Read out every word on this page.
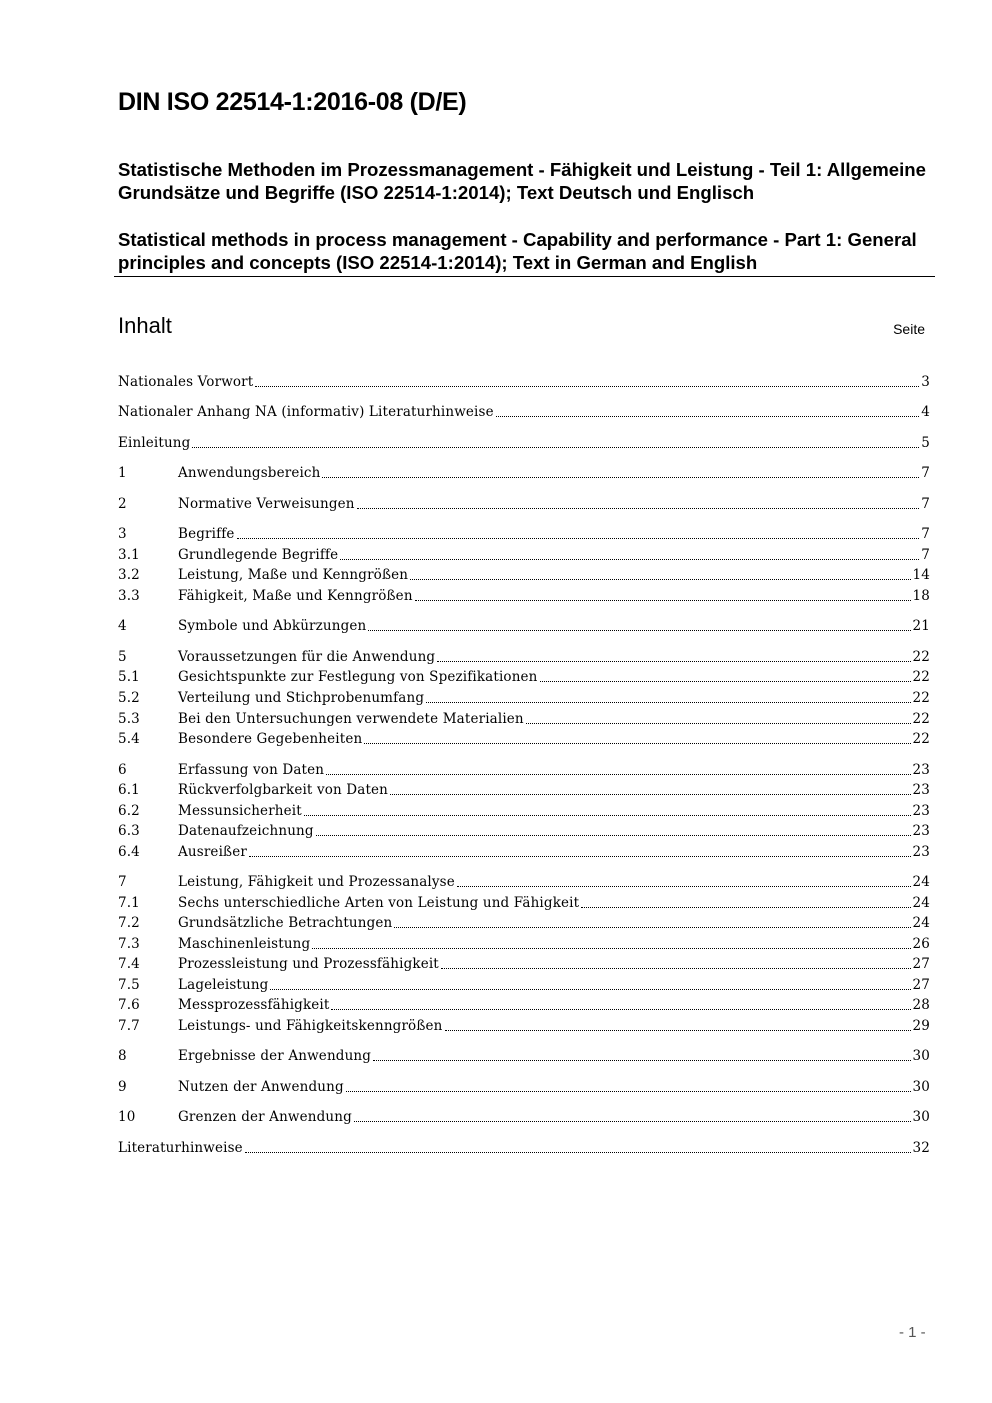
DIN ISO 22514-1:2016-08 (D/E)
Statistische Methoden im Prozessmanagement - Fähigkeit und Leistung - Teil 1: Allgemeine Grundsätze und Begriffe (ISO 22514-1:2014); Text Deutsch und Englisch
Statistical methods in process management - Capability and performance - Part 1: General principles and concepts (ISO 22514-1:2014); Text in German and English
Inhalt	Seite
Nationales Vorwort	3
Nationaler Anhang NA (informativ) Literaturhinweise	4
Einleitung	5
1	Anwendungsbereich	7
2	Normative Verweisungen	7
3	Begriffe	7
3.1	Grundlegende Begriffe	7
3.2	Leistung, Maße und Kenngrößen	14
3.3	Fähigkeit, Maße und Kenngrößen	18
4	Symbole und Abkürzungen	21
5	Voraussetzungen für die Anwendung	22
5.1	Gesichtspunkte zur Festlegung von Spezifikationen	22
5.2	Verteilung und Stichprobenumfang	22
5.3	Bei den Untersuchungen verwendete Materialien	22
5.4	Besondere Gegebenheiten	22
6	Erfassung von Daten	23
6.1	Rückverfolgbarkeit von Daten	23
6.2	Messunsicherheit	23
6.3	Datenaufzeichnung	23
6.4	Ausreißer	23
7	Leistung, Fähigkeit und Prozessanalyse	24
7.1	Sechs unterschiedliche Arten von Leistung und Fähigkeit	24
7.2	Grundsätzliche Betrachtungen	24
7.3	Maschinenleistung	26
7.4	Prozessleistung und Prozessfähigkeit	27
7.5	Lageleistung	27
7.6	Messprozessfähigkeit	28
7.7	Leistungs- und Fähigkeitskenngrößen	29
8	Ergebnisse der Anwendung	30
9	Nutzen der Anwendung	30
10	Grenzen der Anwendung	30
Literaturhinweise	32
- 1 -
